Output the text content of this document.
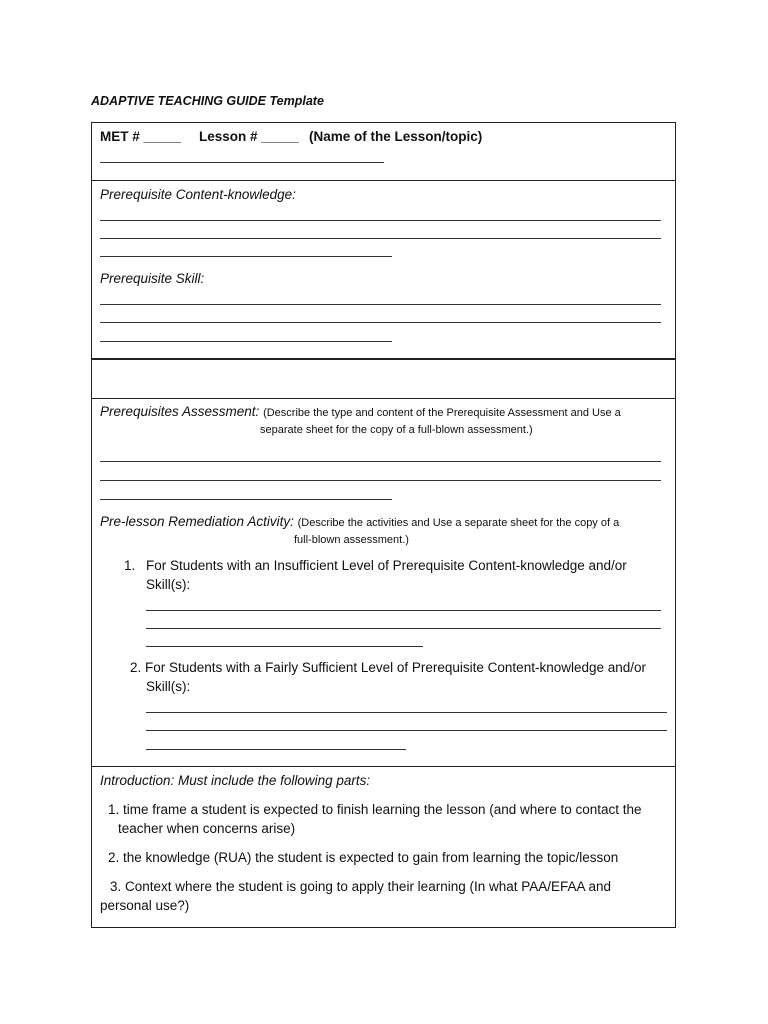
ADAPTIVE TEACHING GUIDE Template
MET # _____ Lesson # _____ (Name of the Lesson/topic)
Prerequisite Content-knowledge:
Prerequisite Skill:
Prerequisites Assessment: (Describe the type and content of the Prerequisite Assessment and Use a
separate sheet for the copy of a full-blown assessment.)
Pre-lesson Remediation Activity: (Describe the activities and Use a separate sheet for the copy of a
full-blown assessment.)
1. For Students with an Insufficient Level of Prerequisite Content-knowledge and/or
Skill(s):
2. For Students with a Fairly Sufficient Level of Prerequisite Content-knowledge and/or
Skill(s):
Introduction: Must include the following parts:
1. time frame a student is expected to finish learning the lesson (and where to contact the
teacher when concerns arise)
2. the knowledge (RUA) the student is expected to gain from learning the topic/lesson
3. Context where the student is going to apply their learning (In what PAA/EFAA and
personal use?)
